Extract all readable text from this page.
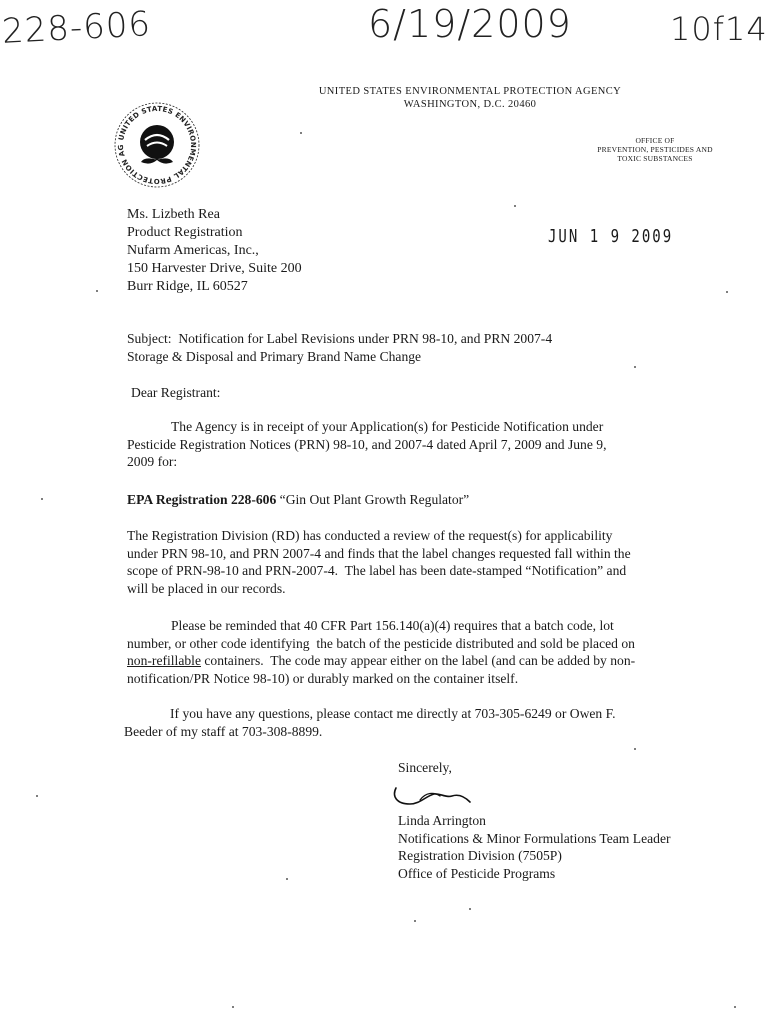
228-606	6/19/2009	10f14
UNITED STATES ENVIRONMENTAL PROTECTION AGENCY
WASHINGTON, D.C. 20460
UNITED STATES ENVIRONMENTAL PROTECTION AG
OFFICE OF
PREVENTION, PESTICIDES AND
TOXIC SUBSTANCES
Ms. Lizbeth Rea
Product Registration
Nufarm Americas, Inc.,
150 Harvester Drive, Suite 200
Burr Ridge, IL 60527
JUN 1 9 2009
Subject:  Notification for Label Revisions under PRN 98-10, and PRN 2007-4
Storage & Disposal and Primary Brand Name Change
Dear Registrant:
The Agency is in receipt of your Application(s) for Pesticide Notification under
Pesticide Registration Notices (PRN) 98-10, and 2007-4 dated April 7, 2009 and June 9,
2009 for:
EPA Registration 228-606 “Gin Out Plant Growth Regulator”
The Registration Division (RD) has conducted a review of the request(s) for applicability
under PRN 98-10, and PRN 2007-4 and finds that the label changes requested fall within the
scope of PRN-98-10 and PRN-2007-4.  The label has been date-stamped “Notification” and
will be placed in our records.
Please be reminded that 40 CFR Part 156.140(a)(4) requires that a batch code, lot
number, or other code identifying  the batch of the pesticide distributed and sold be placed on
non-refillable containers.  The code may appear either on the label (and can be added by non-
notification/PR Notice 98-10) or durably marked on the container itself.
If you have any questions, please contact me directly at 703-305-6249 or Owen F.
Beeder of my staff at 703-308-8899.
Sincerely,
Linda Arrington
Notifications & Minor Formulations Team Leader
Registration Division (7505P)
Office of Pesticide Programs
